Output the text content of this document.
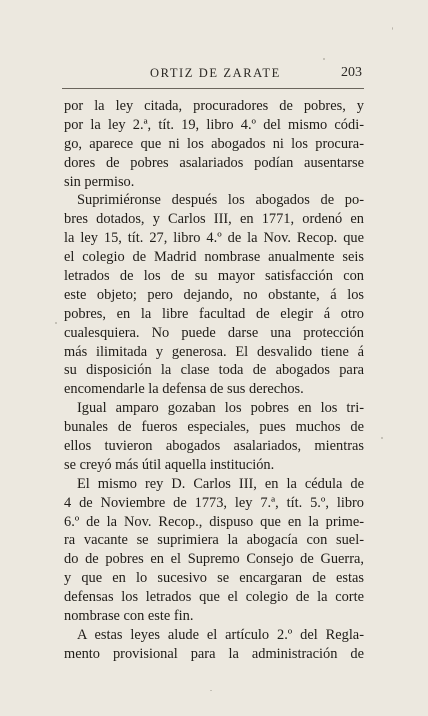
ORTIZ DE ZARATE	203
por la ley citada, procuradores de pobres, y
por la ley 2.ª, tít. 19, libro 4.º del mismo códi-
go, aparece que ni los abogados ni los procura-
dores de pobres asalariados podían ausentarse
sin permiso.
Suprimiéronse después los abogados de po-
bres dotados, y Carlos III, en 1771, ordenó en
la ley 15, tít. 27, libro 4.º de la Nov. Recop. que
el colegio de Madrid nombrase anualmente seis
letrados de los de su mayor satisfacción con
este objeto; pero dejando, no obstante, á los
pobres, en la libre facultad de elegir á otro
cualesquiera. No puede darse una protección
más ilimitada y generosa. El desvalido tiene á
su disposición la clase toda de abogados para
encomendarle la defensa de sus derechos.
Igual amparo gozaban los pobres en los tri-
bunales de fueros especiales, pues muchos de
ellos tuvieron abogados asalariados, mientras
se creyó más útil aquella institución.
El mismo rey D. Carlos III, en la cédula de
4 de Noviembre de 1773, ley 7.ª, tít. 5.º, libro
6.º de la Nov. Recop., dispuso que en la prime-
ra vacante se suprimiera la abogacía con suel-
do de pobres en el Supremo Consejo de Guerra,
y que en lo sucesivo se encargaran de estas
defensas los letrados que el colegio de la corte
nombrase con este fin.
A estas leyes alude el artículo 2.º del Regla-
mento provisional para la administración de
